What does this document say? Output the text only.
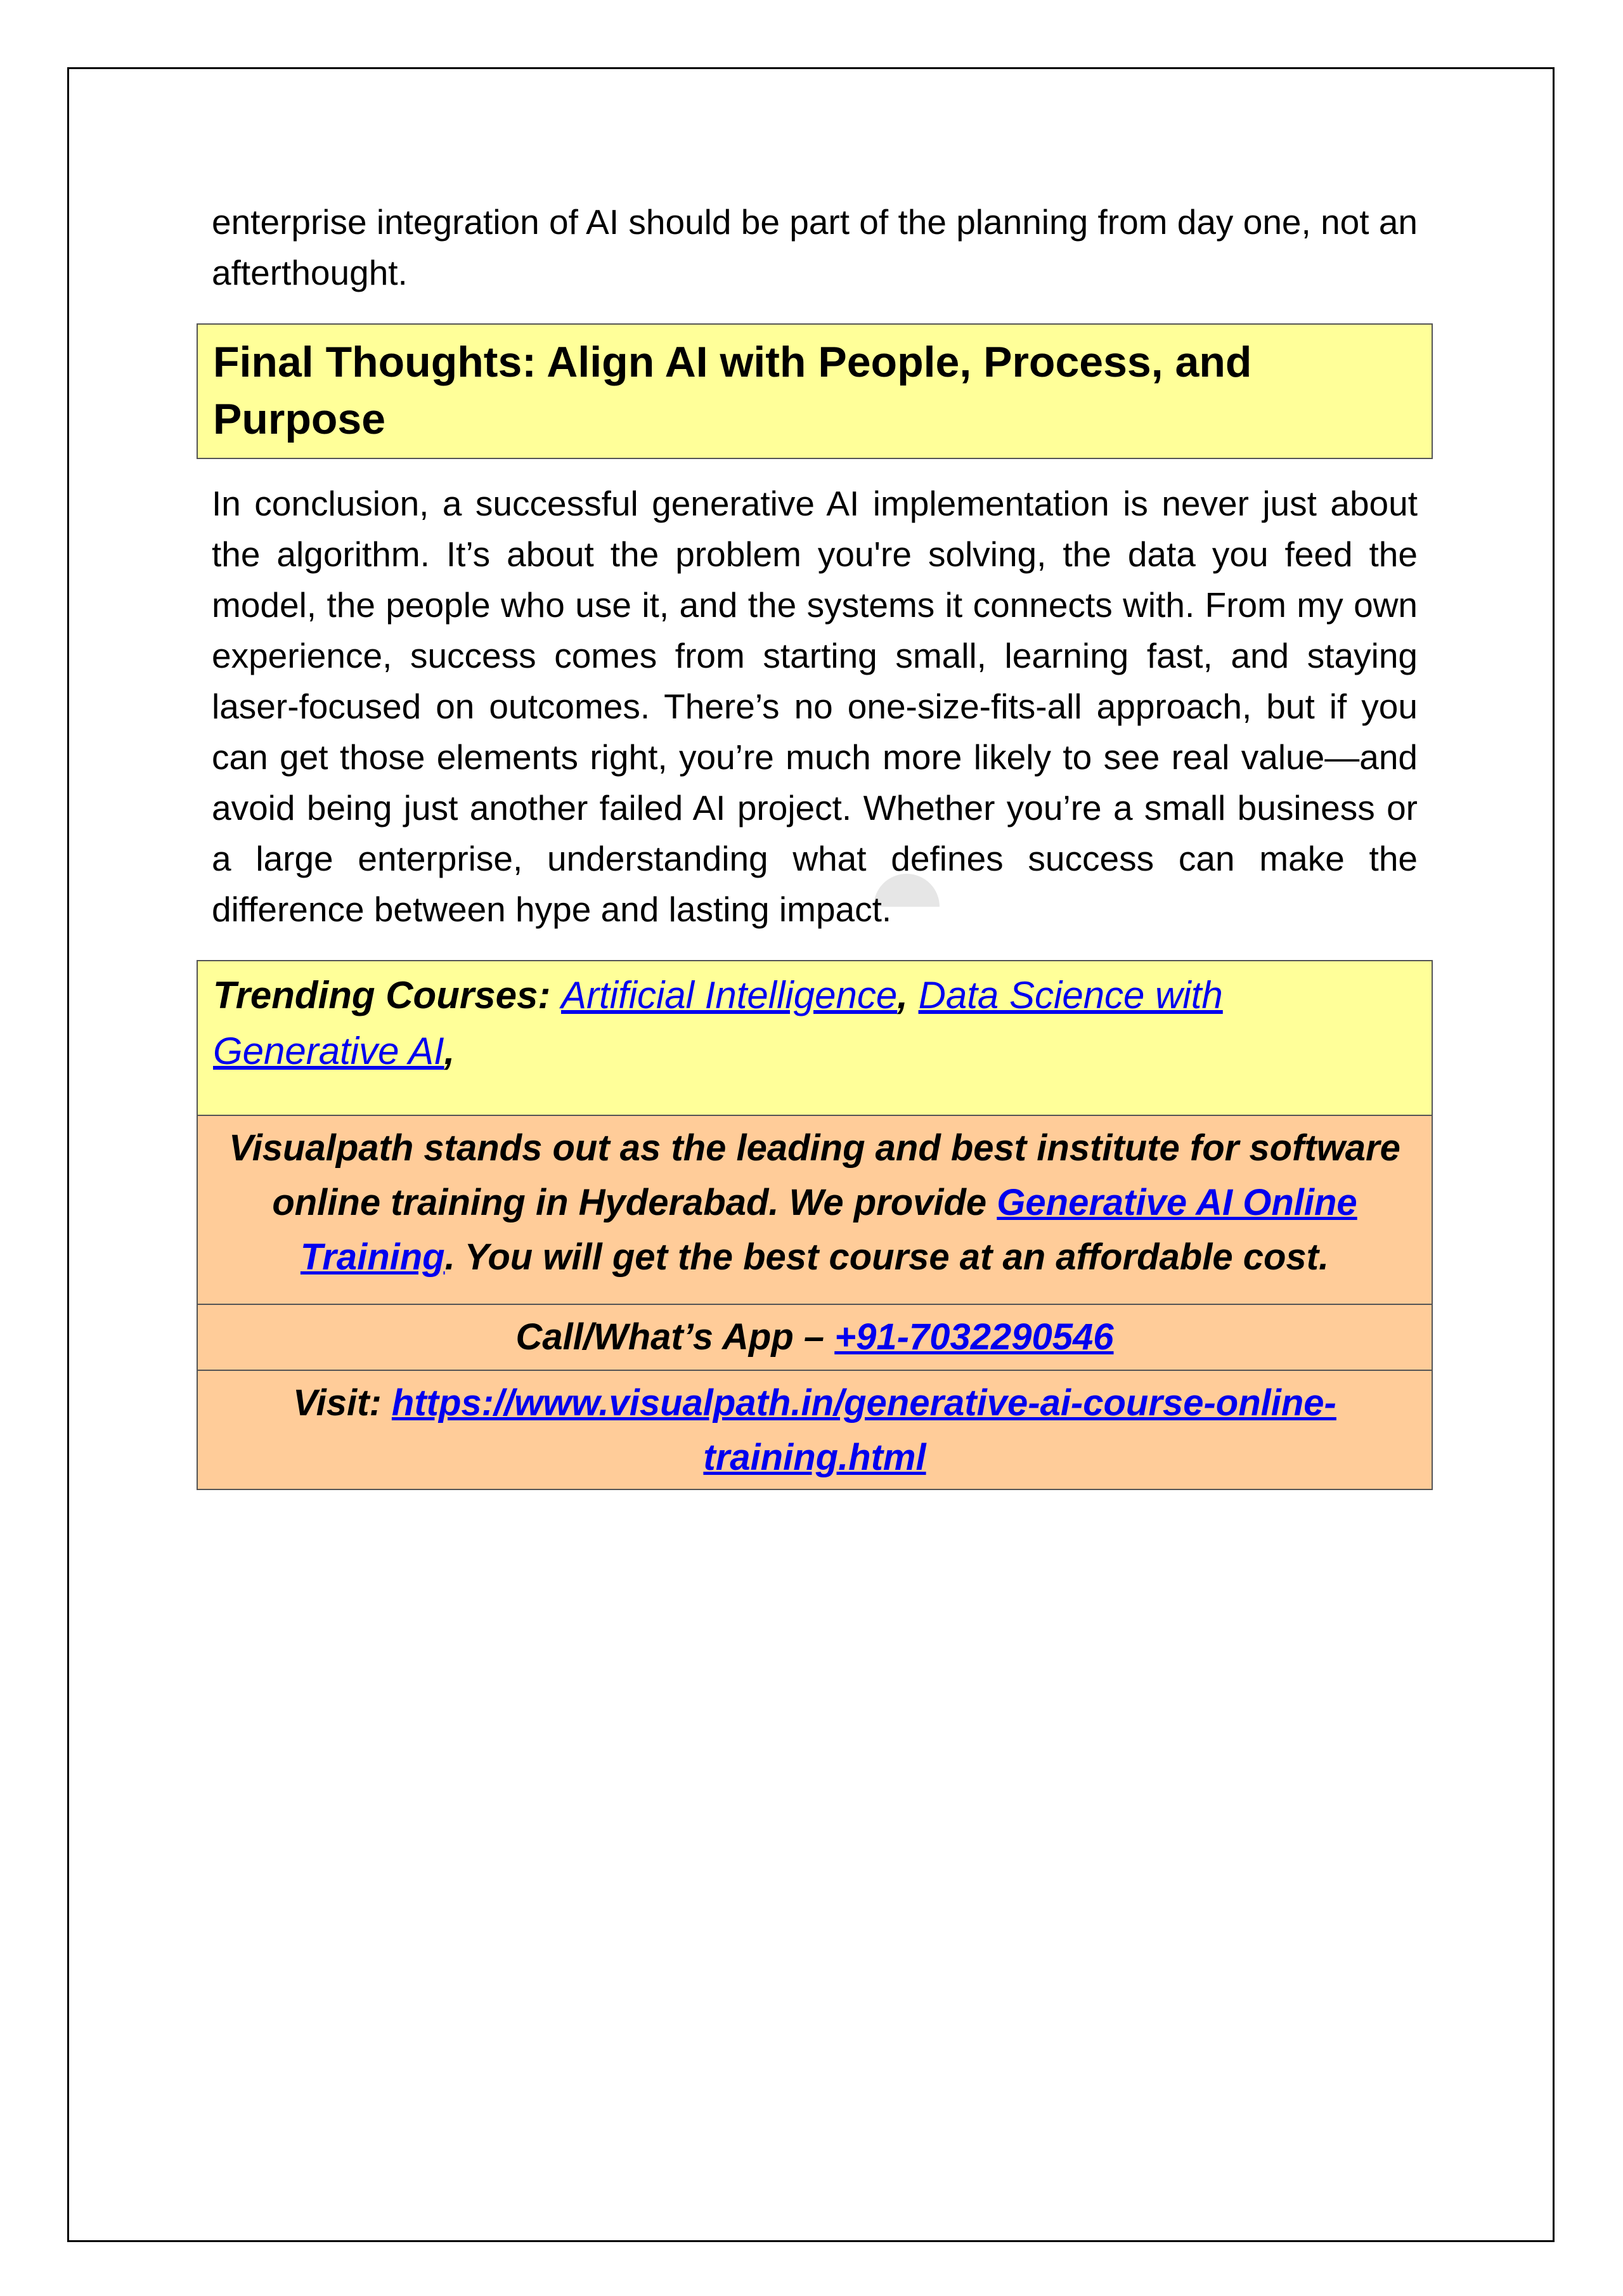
enterprise integration of AI should be part of the planning from day one, not an afterthought.

Final Thoughts: Align AI with People, Process, and Purpose

In conclusion, a successful generative AI implementation is never just about the algorithm. It’s about the problem you're solving, the data you feed the model, the people who use it, and the systems it connects with. From my own experience, success comes from starting small, learning fast, and staying laser-focused on outcomes. There’s no one-size-fits-all approach, but if you can get those elements right, you’re much more likely to see real value—and avoid being just another failed AI project. Whether you’re a small business or a large enterprise, understanding what defines success can make the difference between hype and lasting impact.

Trending Courses: Artificial Intelligence, Data Science with Generative AI,
Visualpath stands out as the leading and best institute for software online training in Hyderabad. We provide Generative AI Online Training. You will get the best course at an affordable cost.
Call/What’s App – +91-7032290546
Visit: https://www.visualpath.in/generative-ai-course-online-training.html
